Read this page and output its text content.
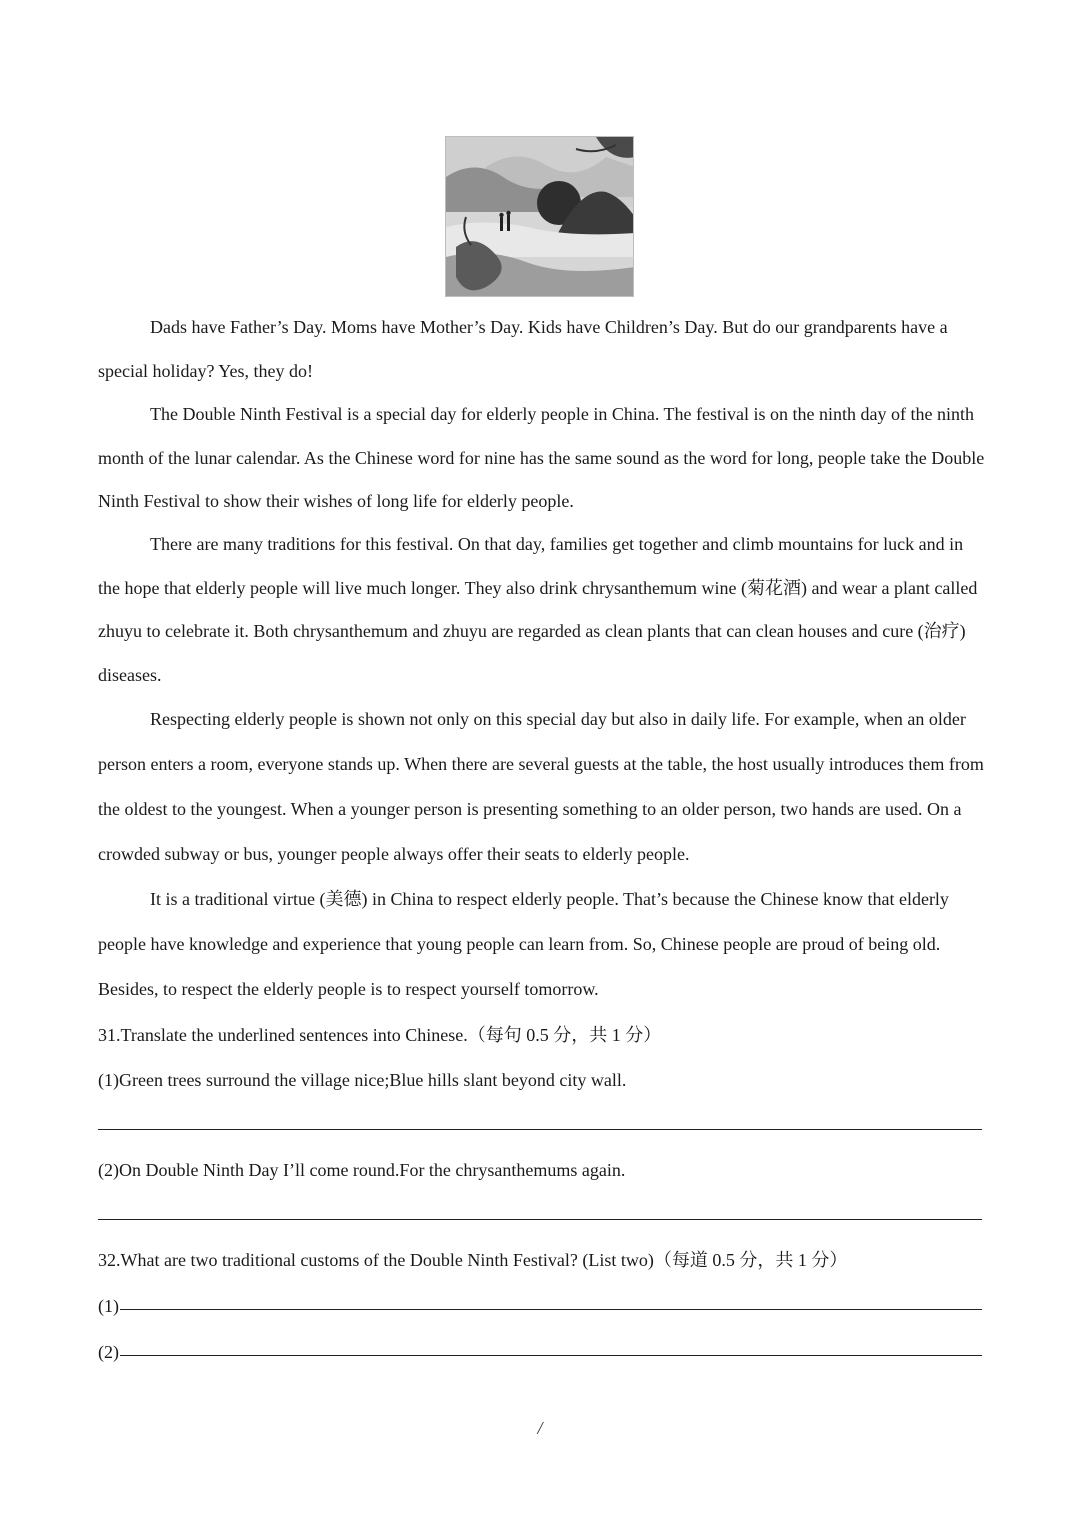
Dads have Father’s Day. Moms have Mother’s Day. Kids have Children’s Day. But do our grandparents have a special holiday? Yes, they do!

The Double Ninth Festival is a special day for elderly people in China. The festival is on the ninth day of the ninth month of the lunar calendar. As the Chinese word for nine has the same sound as the word for long, people take the Double Ninth Festival to show their wishes of long life for elderly people.

There are many traditions for this festival. On that day, families get together and climb mountains for luck and in the hope that elderly people will live much longer. They also drink chrysanthemum wine (菊花酒) and wear a plant called zhuyu to celebrate it. Both chrysanthemum and zhuyu are regarded as clean plants that can clean houses and cure (治疗) diseases.

Respecting elderly people is shown not only on this special day but also in daily life. For example, when an older person enters a room, everyone stands up. When there are several guests at the table, the host usually introduces them from the oldest to the youngest. When a younger person is presenting something to an older person, two hands are used. On a crowded subway or bus, younger people always offer their seats to elderly people.

It is a traditional virtue (美德) in China to respect elderly people. That’s because the Chinese know that elderly people have knowledge and experience that young people can learn from. So, Chinese people are proud of being old. Besides, to respect the elderly people is to respect yourself tomorrow.

31.Translate the underlined sentences into Chinese.（每句 0.5 分，共 1 分）
(1)Green trees surround the village nice;Blue hills slant beyond city wall.
(2)On Double Ninth Day I’ll come round.For the chrysanthemums again.
32.What are two traditional customs of the Double Ninth Festival? (List two)（每道 0.5 分，共 1 分）
(1)
(2)
/
